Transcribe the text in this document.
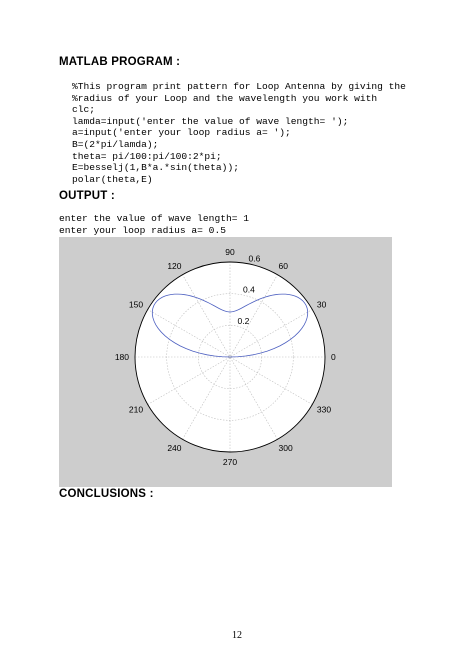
MATLAB PROGRAM :
%This program print pattern for Loop Antenna by giving the
%radius of your Loop and the wavelength you work with
clc;
lamda=input('enter the value of wave length= ');
a=input('enter your loop radius a= ');
B=(2*pi/lamda);
theta= pi/100:pi/100:2*pi;
E=besselj(1,B*a.*sin(theta));
polar(theta,E)
OUTPUT :
enter the value of wave length= 1
enter your loop radius a= 0.5
0.2
0.4
0.6
0
30
60
90
120
150
180
210
240
270
300
330
CONCLUSIONS :
12
